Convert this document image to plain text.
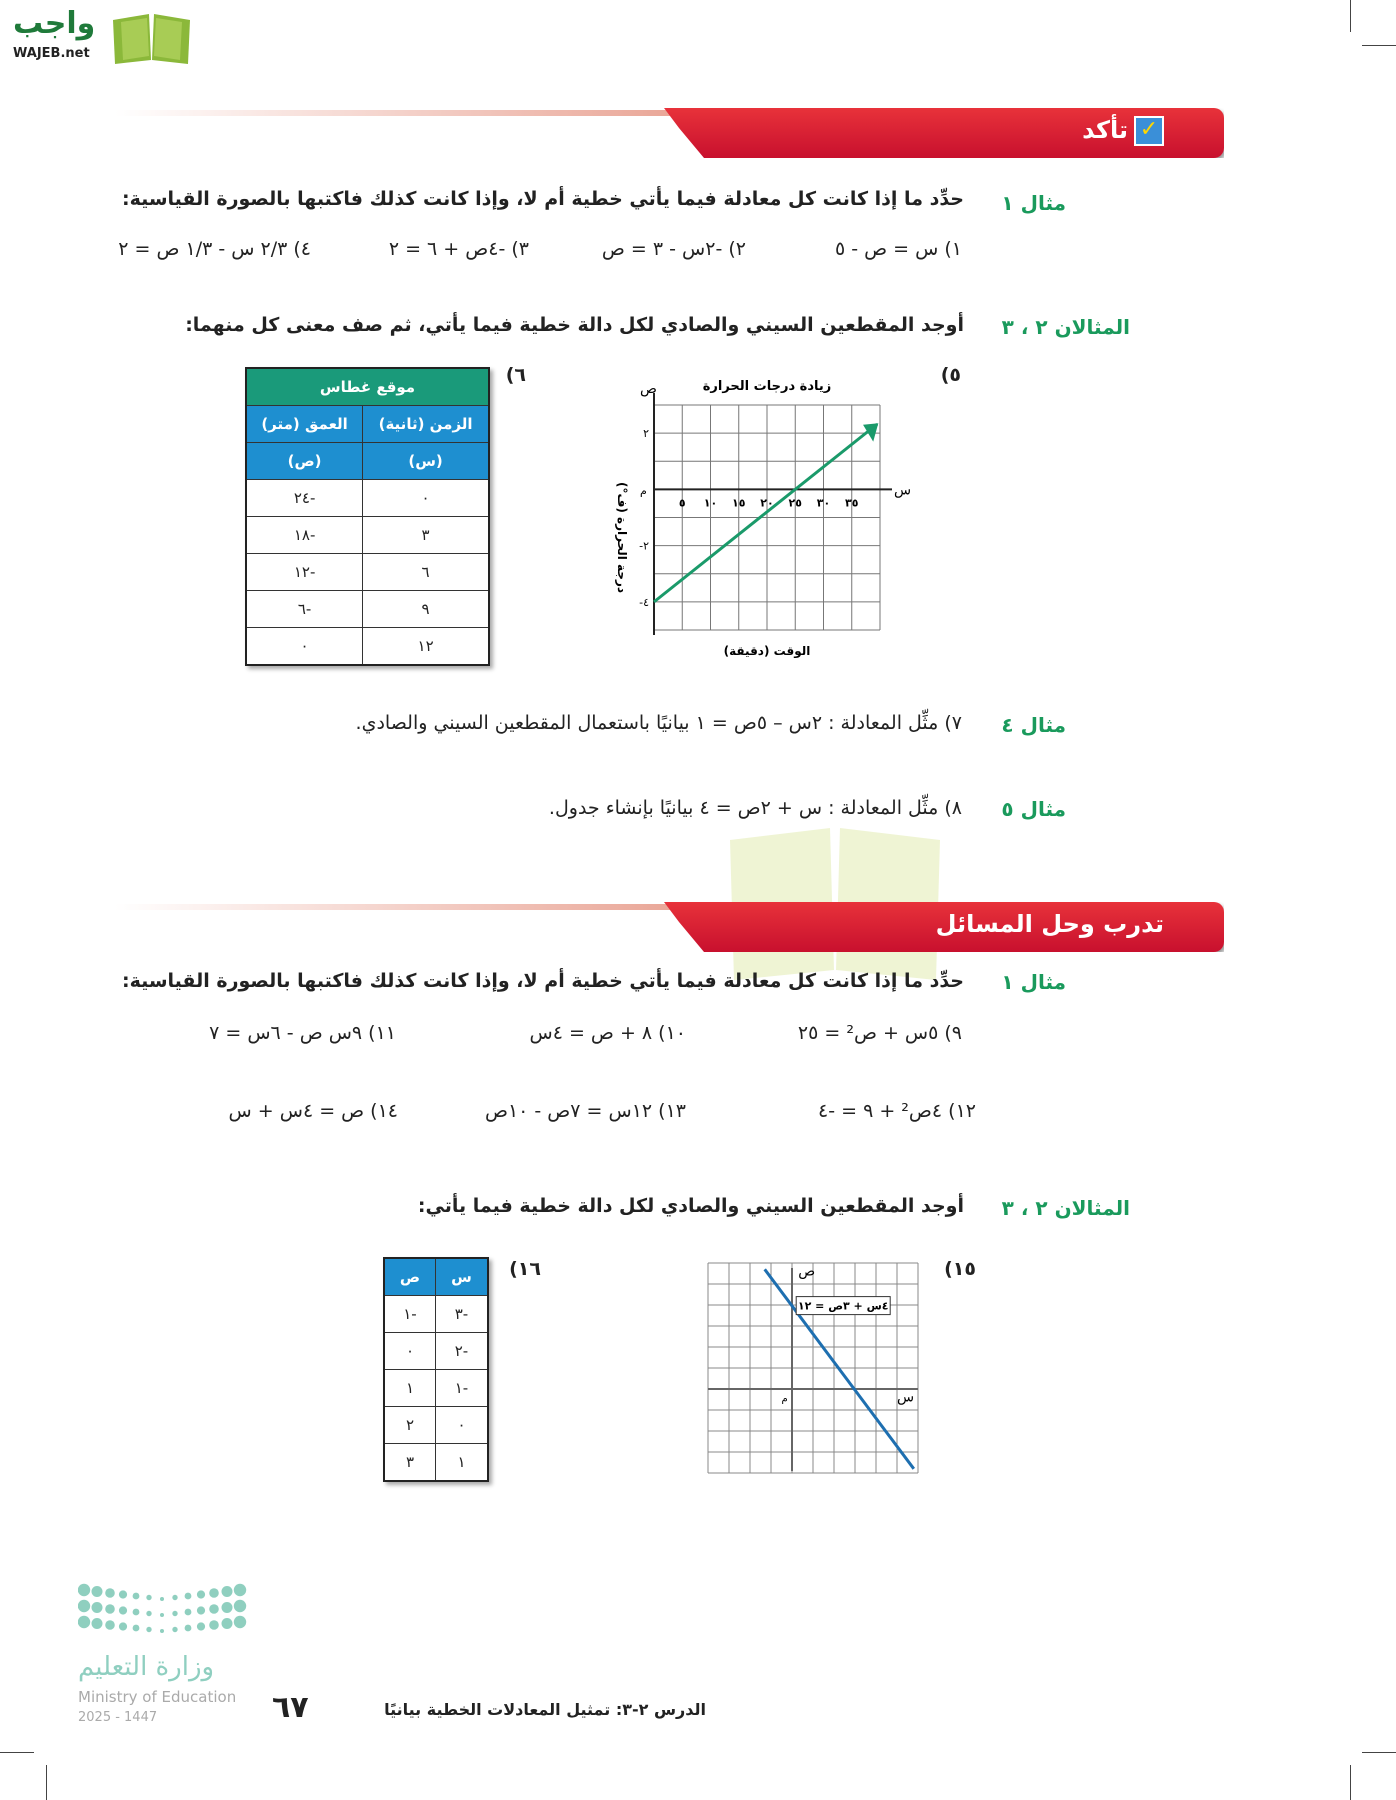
واجب
WAJEB.net
✓تأكد
مثال ١
حدِّد ما إذا كانت كل معادلة فيما يأتي خطية أم لا، وإذا كانت كذلك فاكتبها بالصورة القياسية:
١) س = ص - ٥
٢) -٢س - ٣ = ص
٣) -٤ص + ٦ = ٢
٤) ٢/٣ س - ١/٣ ص = ٢
المثالان ٢ ، ٣
أوجد المقطعين السيني والصادي لكل دالة خطية فيما يأتي، ثم صف معنى كل منهما:
٥)
س
ص
م
زيادة درجات الحرارة
الوقت (دقيقة)
درجة الحرارة (ف°)	٥ ١٠ ١٥ ٢٠ ٢٥ ٣٠ ٣٥
٢
-٢
-٤
٦)
موقع غطاس	
الزمن (ثانية)	العمق (متر)
(س)	(ص)
٠	-٢٤
٣	-١٨
٦	-١٢
٩	-٦
١٢	٠
مثال ٤
٧) مثِّل المعادلة : ٢س – ٥ص = ١ بيانيًا باستعمال المقطعين السيني والصادي.
مثال ٥
٨) مثِّل المعادلة : س + ٢ص = ٤ بيانيًا بإنشاء جدول.
تدرب وحل المسائل
مثال ١
حدِّد ما إذا كانت كل معادلة فيما يأتي خطية أم لا، وإذا كانت كذلك فاكتبها بالصورة القياسية:
٩) ٥س + ص² = ٢٥
١٠) ٨ + ص = ٤س
١١) ٩س ص - ٦س = ٧
١٢) ٤ص² + ٩ = -٤
١٣) ١٢س = ٧ص - ١٠ص
١٤) ص = ٤س + س
المثالان ٢ ، ٣
أوجد المقطعين السيني والصادي لكل دالة خطية فيما يأتي:
١٥)
س
ص
م
٤س + ٣ص = ١٢
١٦)
س	ص
-٣	-١
-٢	٠
-١	١
٠	٢
١	٣
وزارة التعليم
Ministry of Education
2025 - 1447	٦٧	الدرس ٢-٣: تمثيل المعادلات الخطية بيانيًا
